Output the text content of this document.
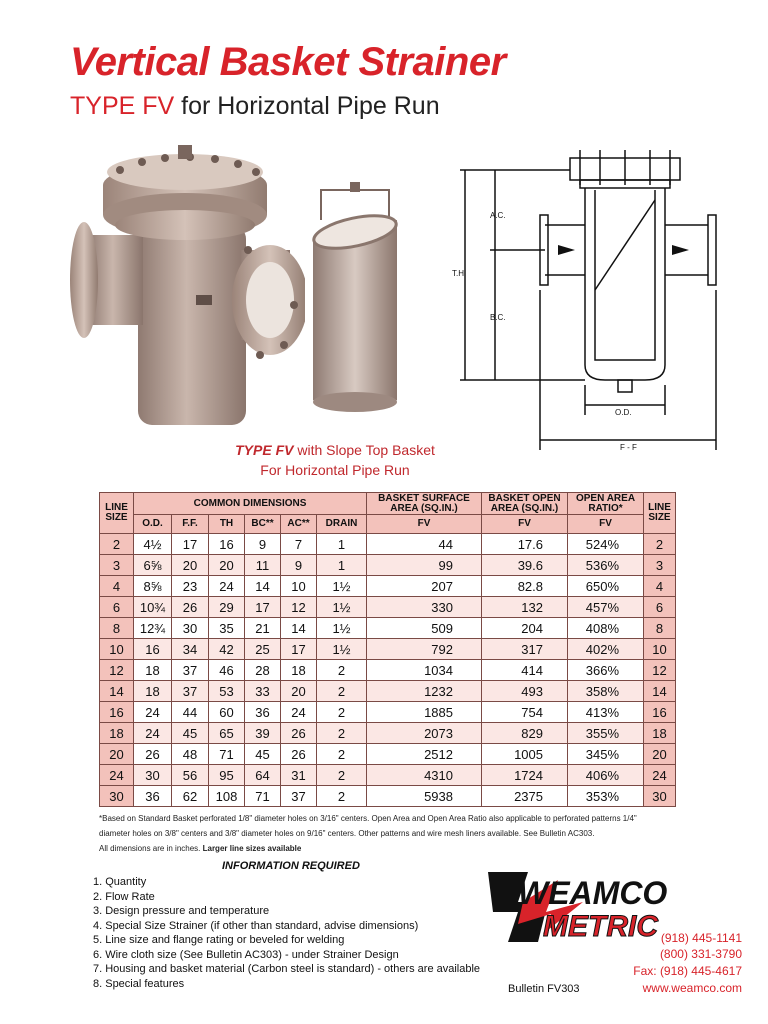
Vertical Basket Strainer
TYPE FV for Horizontal Pipe Run
A.C.
T.H.
B.C.
O.D.
F - F
TYPE FV with Slope Top Basket
For Horizontal Pipe Run
LINE SIZE	COMMON DIMENSIONS						BASKET SURFACE AREA (SQ.IN.)	BASKET OPEN AREA (SQ.IN.)	OPEN AREA RATIO*	LINE SIZE
	O.D.	F.F.	TH	BC**	AC**	DRAIN	FV	FV	FV	
2	4½	17	16	9	7	1	44	17.6	524%	2
3	6⅝	20	20	11	9	1	99	39.6	536%	3
4	8⅝	23	24	14	10	1½	207	82.8	650%	4
6	10¾	26	29	17	12	1½	330	132	457%	6
8	12¾	30	35	21	14	1½	509	204	408%	8
10	16	34	42	25	17	1½	792	317	402%	10
12	18	37	46	28	18	2	1034	414	366%	12
14	18	37	53	33	20	2	1232	493	358%	14
16	24	44	60	36	24	2	1885	754	413%	16
18	24	45	65	39	26	2	2073	829	355%	18
20	26	48	71	45	26	2	2512	1005	345%	20
24	30	56	95	64	31	2	4310	1724	406%	24
30	36	62	108	71	37	2	5938	2375	353%	30
*Based on Standard Basket perforated 1/8" diameter holes on 3/16" centers. Open Area and Open Area Ratio also applicable to perforated patterns 1/4"
diameter holes on 3/8" centers and 3/8" diameter holes on 9/16" centers. Other patterns and wire mesh liners available. See Bulletin AC303.
All dimensions are in inches. Larger line sizes available
INFORMATION REQUIRED
1. Quantity
2. Flow Rate
3. Design pressure and temperature
4. Special Size Strainer (if other than standard, advise dimensions)
5. Line size and flange rating or beveled for welding
6. Wire cloth size (See Bulletin AC303) - under Strainer Design
7. Housing and basket material (Carbon steel is standard) - others are available
8. Special features	Bulletin FV303
WEAMCO
METRIC (918) 445-1141
(800) 331-3790
Fax: (918) 445-4617
www.weamco.com
